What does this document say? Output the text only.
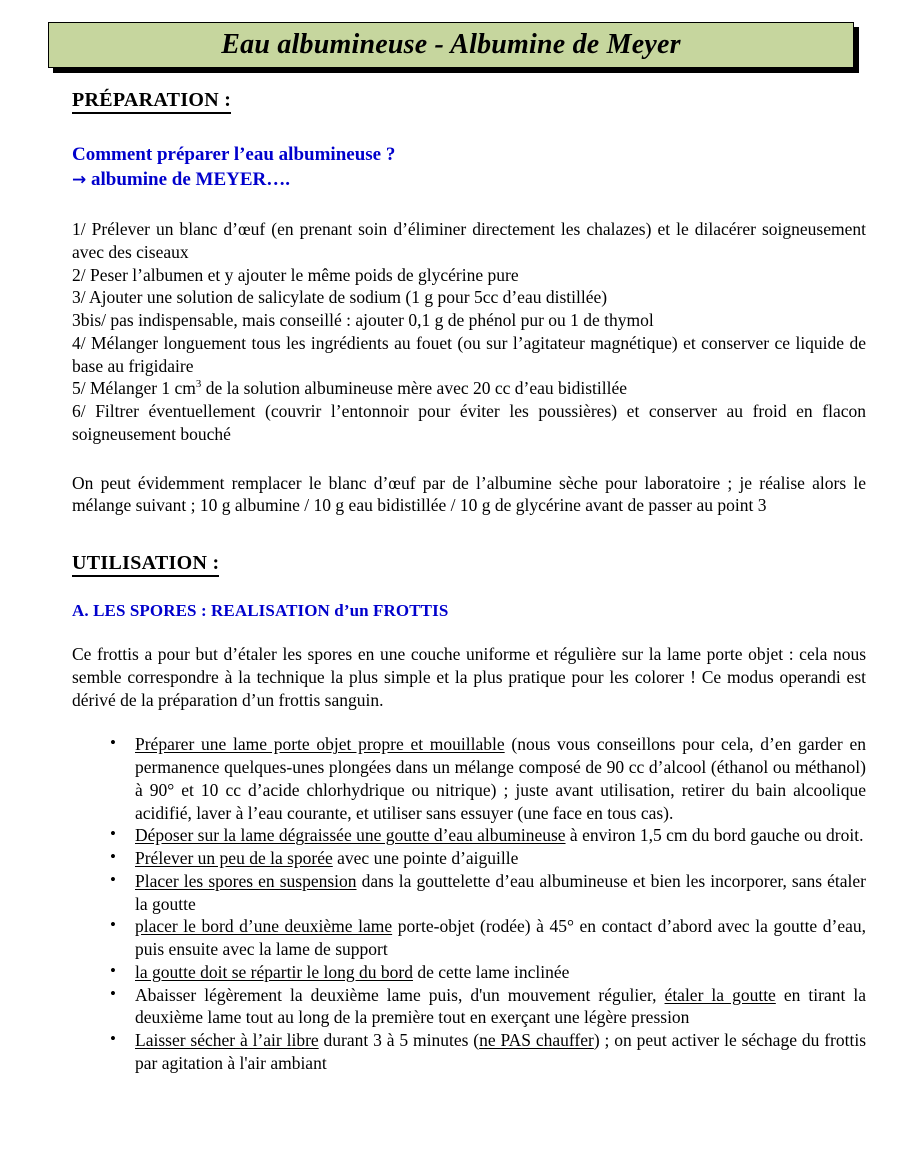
Eau albumineuse - Albumine de Meyer
PRÉPARATION :
Comment préparer l’eau albumineuse ?
→ albumine de MEYER….
1/ Prélever un blanc d’œuf (en prenant soin d’éliminer directement les chalazes) et le dilacérer soigneusement avec des ciseaux
2/ Peser l’albumen et y ajouter le même poids de glycérine pure
3/ Ajouter une solution de salicylate de sodium (1 g pour 5cc d’eau distillée)
3bis/ pas indispensable, mais conseillé : ajouter 0,1 g de phénol pur ou 1 de thymol
4/ Mélanger longuement tous les ingrédients au fouet (ou sur l’agitateur magnétique) et conserver ce liquide de base au frigidaire
5/ Mélanger 1 $cm^3$ de la solution albumineuse mère avec 20 cc d’eau bidistillée
6/ Filtrer éventuellement (couvrir l’entonnoir pour éviter les poussières) et conserver au froid en flacon soigneusement bouché
On peut évidemment remplacer le blanc d’œuf par de l’albumine sèche pour laboratoire ; je réalise alors le mélange suivant ; 10 g albumine / 10 g eau bidistillée / 10 g de glycérine avant de passer au point 3
UTILISATION :
A. LES SPORES : REALISATION d’un FROTTIS
Ce frottis a pour but d’étaler les spores en une couche uniforme et régulière sur la lame porte objet : cela nous semble correspondre à la technique la plus simple et la plus pratique pour les colorer ! Ce modus operandi est dérivé de la préparation d’un frottis sanguin.
• Préparer une lame porte objet propre et mouillable (nous vous conseillons pour cela, d’en garder en permanence quelques-unes plongées dans un mélange composé de 90 cc d’alcool (éthanol ou méthanol) à 90° et 10 cc d’acide chlorhydrique ou nitrique) ; juste avant utilisation, retirer du bain alcoolique acidifié, laver à l’eau courante, et utiliser sans essuyer (une face en tous cas).
• Déposer sur la lame dégraissée une goutte d’eau albumineuse à environ 1,5 cm du bord gauche ou droit.
• Prélever un peu de la sporée avec une pointe d’aiguille
• Placer les spores en suspension dans la gouttelette d’eau albumineuse et bien les incorporer, sans étaler la goutte
• placer le bord d’une deuxième lame porte-objet (rodée) à 45° en contact d’abord avec la goutte d’eau, puis ensuite avec la lame de support
• la goutte doit se répartir le long du bord de cette lame inclinée
• Abaisser légèrement la deuxième lame puis, d'un mouvement régulier, étaler la goutte en tirant la deuxième lame tout au long de la première tout en exerçant une légère pression
• Laisser sécher à l’air libre durant 3 à 5 minutes (ne PAS chauffer) ; on peut activer le séchage du frottis par agitation à l'air ambiant
